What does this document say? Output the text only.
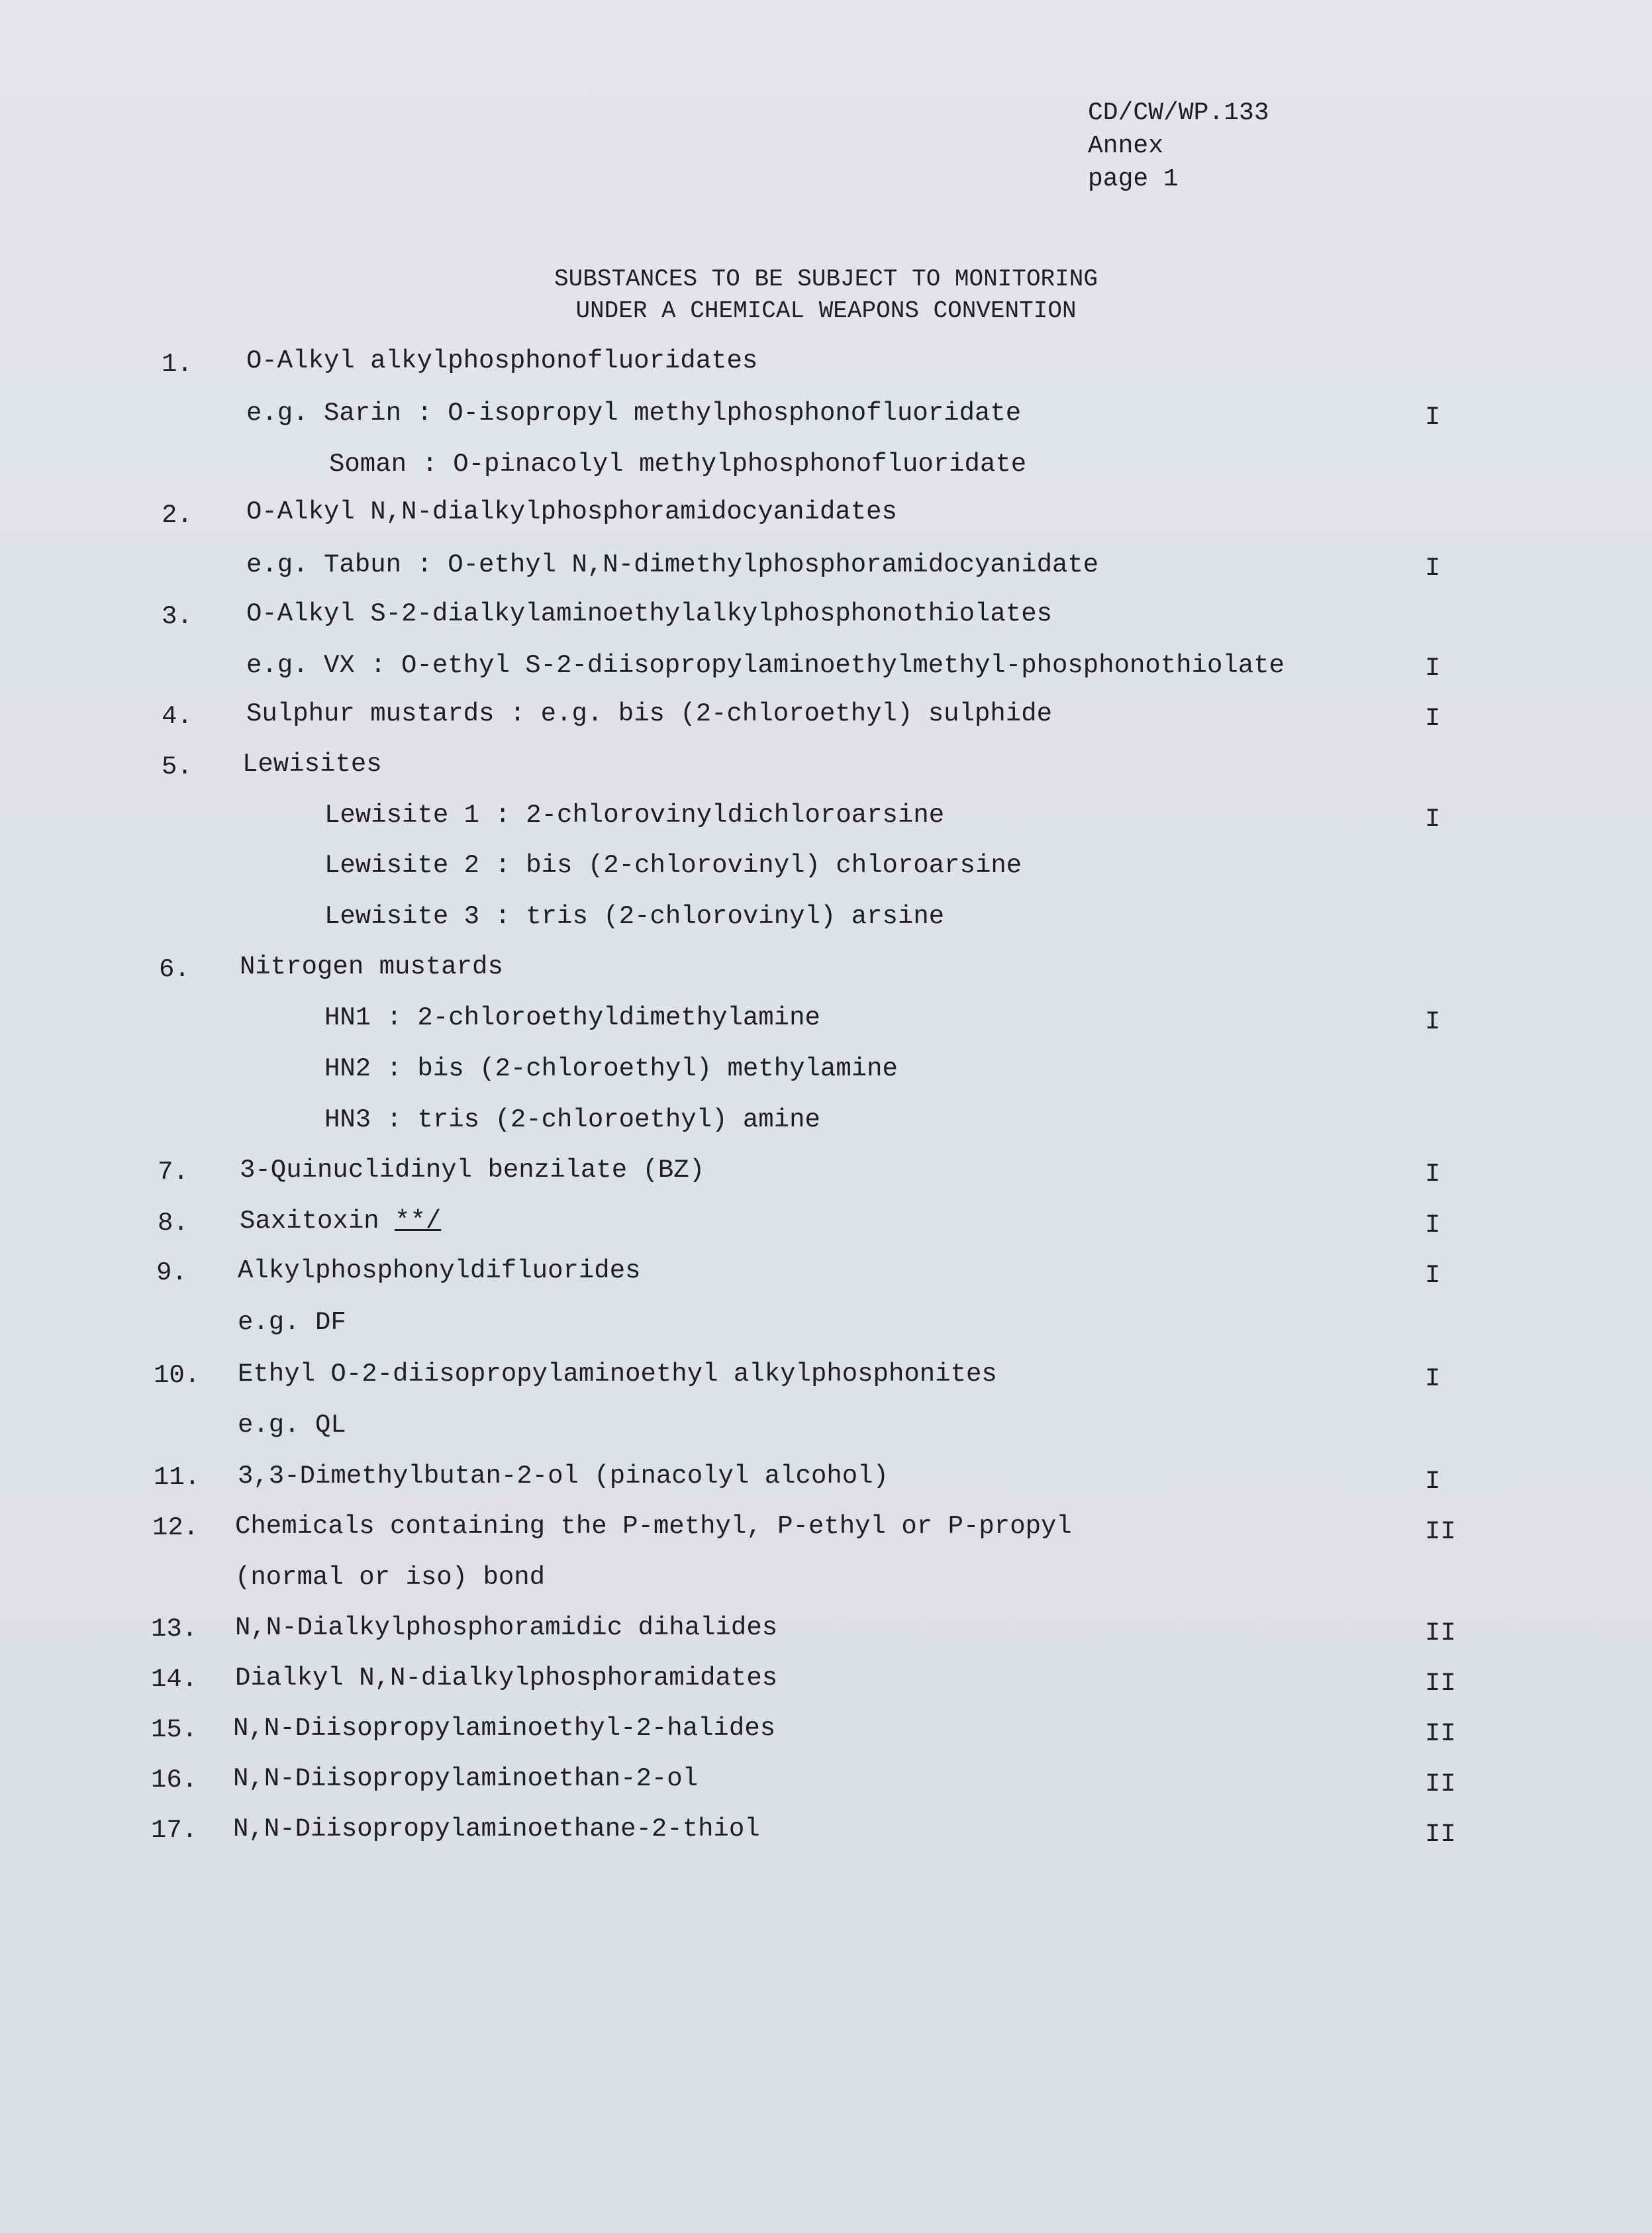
CD/CW/WP.133
Annex
page 1
SUBSTANCES TO BE SUBJECT TO MONITORING
UNDER A CHEMICAL WEAPONS CONVENTION
1. O-Alkyl alkylphosphonofluoridates
e.g. Sarin : O-isopropyl methylphosphonofluoridate	I
Soman : O-pinacolyl methylphosphonofluoridate
2. O-Alkyl N,N-dialkylphosphoramidocyanidates
e.g. Tabun : O-ethyl N,N-dimethylphosphoramidocyanidate	I
3. O-Alkyl S-2-dialkylaminoethylalkylphosphonothiolates
e.g. VX : O-ethyl S-2-diisopropylaminoethylmethyl-phosphonothiolate	I
4. Sulphur mustards : e.g. bis (2-chloroethyl) sulphide	I
5. Lewisites
Lewisite 1 : 2-chlorovinyldichloroarsine	I
Lewisite 2 : bis (2-chlorovinyl) chloroarsine
Lewisite 3 : tris (2-chlorovinyl) arsine
6. Nitrogen mustards
HN1 : 2-chloroethyldimethylamine	I
HN2 : bis (2-chloroethyl) methylamine
HN3 : tris (2-chloroethyl) amine
7. 3-Quinuclidinyl benzilate (BZ)	I
8. Saxitoxin **/	I
9. Alkylphosphonyldifluorides	I
e.g. DF
10. Ethyl O-2-diisopropylaminoethyl alkylphosphonites	I
e.g. QL
11. 3,3-Dimethylbutan-2-ol (pinacolyl alcohol)	I
12. Chemicals containing the P-methyl, P-ethyl or P-propyl	II
(normal or iso) bond
13. N,N-Dialkylphosphoramidic dihalides	II
14. Dialkyl N,N-dialkylphosphoramidates	II
15. N,N-Diisopropylaminoethyl-2-halides	II
16. N,N-Diisopropylaminoethan-2-ol	II
17. N,N-Diisopropylaminoethane-2-thiol	II
